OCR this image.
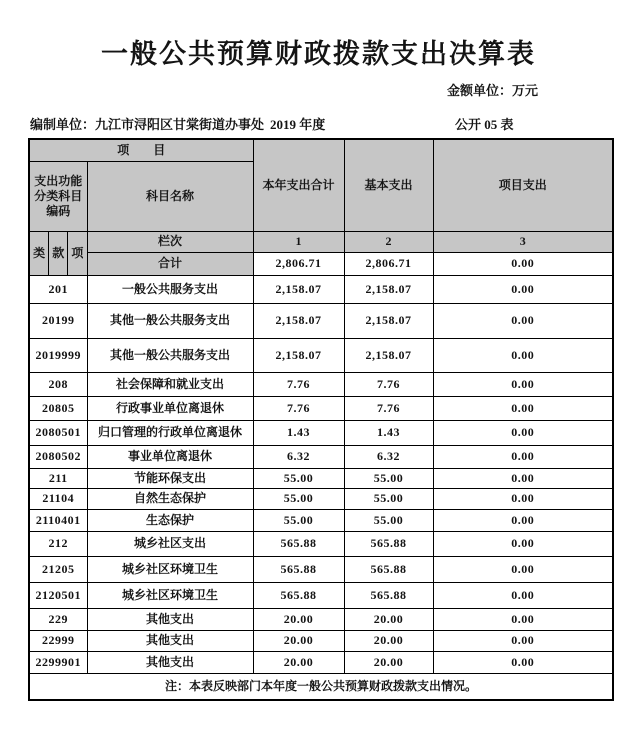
一般公共预算财政拨款支出决算表
金额单位：万元
编制单位：九江市浔阳区甘棠街道办事处 2019 年度	公开 05 表
项　　目		本年支出合计	基本支出	项目支出
支出功能分类科目编码	科目名称			

类 款 项	栏次	1	2	3
	合计	2,806.71	2,806.71	0.00
201	一般公共服务支出	2,158.07	2,158.07	0.00
20199	其他一般公共服务支出	2,158.07	2,158.07	0.00
2019999	其他一般公共服务支出	2,158.07	2,158.07	0.00
208	社会保障和就业支出	7.76	7.76	0.00
20805	行政事业单位离退休	7.76	7.76	0.00
2080501	归口管理的行政单位离退休	1.43	1.43	0.00
2080502	事业单位离退休	6.32	6.32	0.00
211	节能环保支出	55.00	55.00	0.00
21104	自然生态保护	55.00	55.00	0.00
2110401	生态保护	55.00	55.00	0.00
212	城乡社区支出	565.88	565.88	0.00
21205	城乡社区环境卫生	565.88	565.88	0.00
2120501	城乡社区环境卫生	565.88	565.88	0.00
229	其他支出	20.00	20.00	0.00
22999	其他支出	20.00	20.00	0.00
2299901	其他支出	20.00	20.00	0.00
注：本表反映部门本年度一般公共预算财政拨款支出情况。				
